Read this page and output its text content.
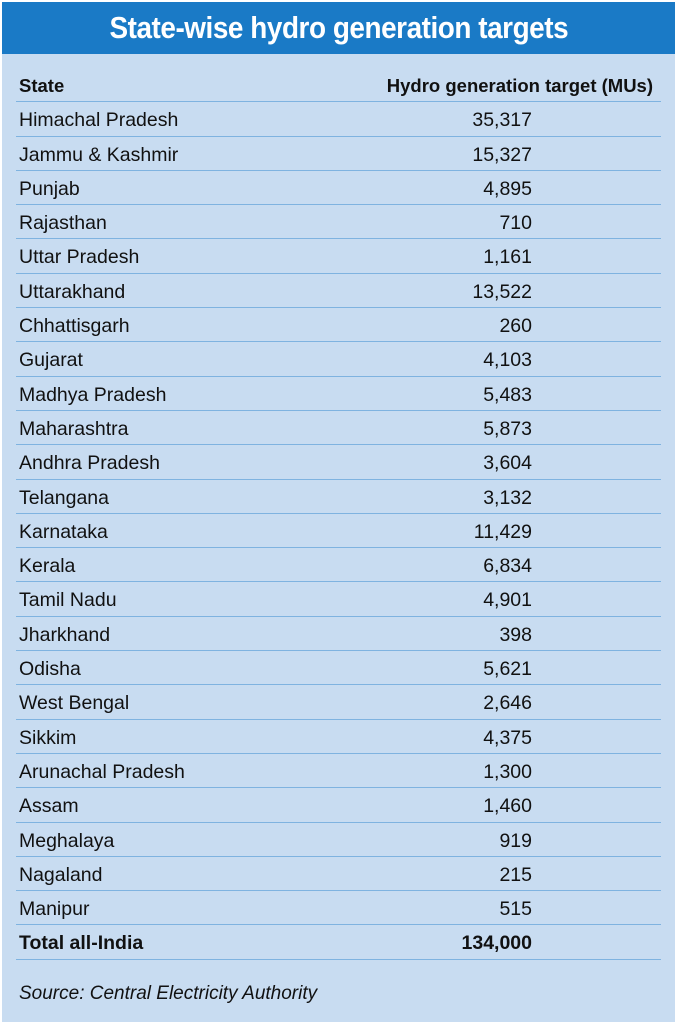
State-wise hydro generation targets
State	Hydro generation target (MUs)
Himachal Pradesh	35,317
Jammu & Kashmir	15,327
Punjab	4,895
Rajasthan	710
Uttar Pradesh	1,161
Uttarakhand	13,522
Chhattisgarh	260
Gujarat	4,103
Madhya Pradesh	5,483
Maharashtra	5,873
Andhra Pradesh	3,604
Telangana	3,132
Karnataka	11,429
Kerala	6,834
Tamil Nadu	4,901
Jharkhand	398
Odisha	5,621
West Bengal	2,646
Sikkim	4,375
Arunachal Pradesh	1,300
Assam	1,460
Meghalaya	919
Nagaland	215
Manipur	515
Total all-India	134,000
Source: Central Electricity Authority
